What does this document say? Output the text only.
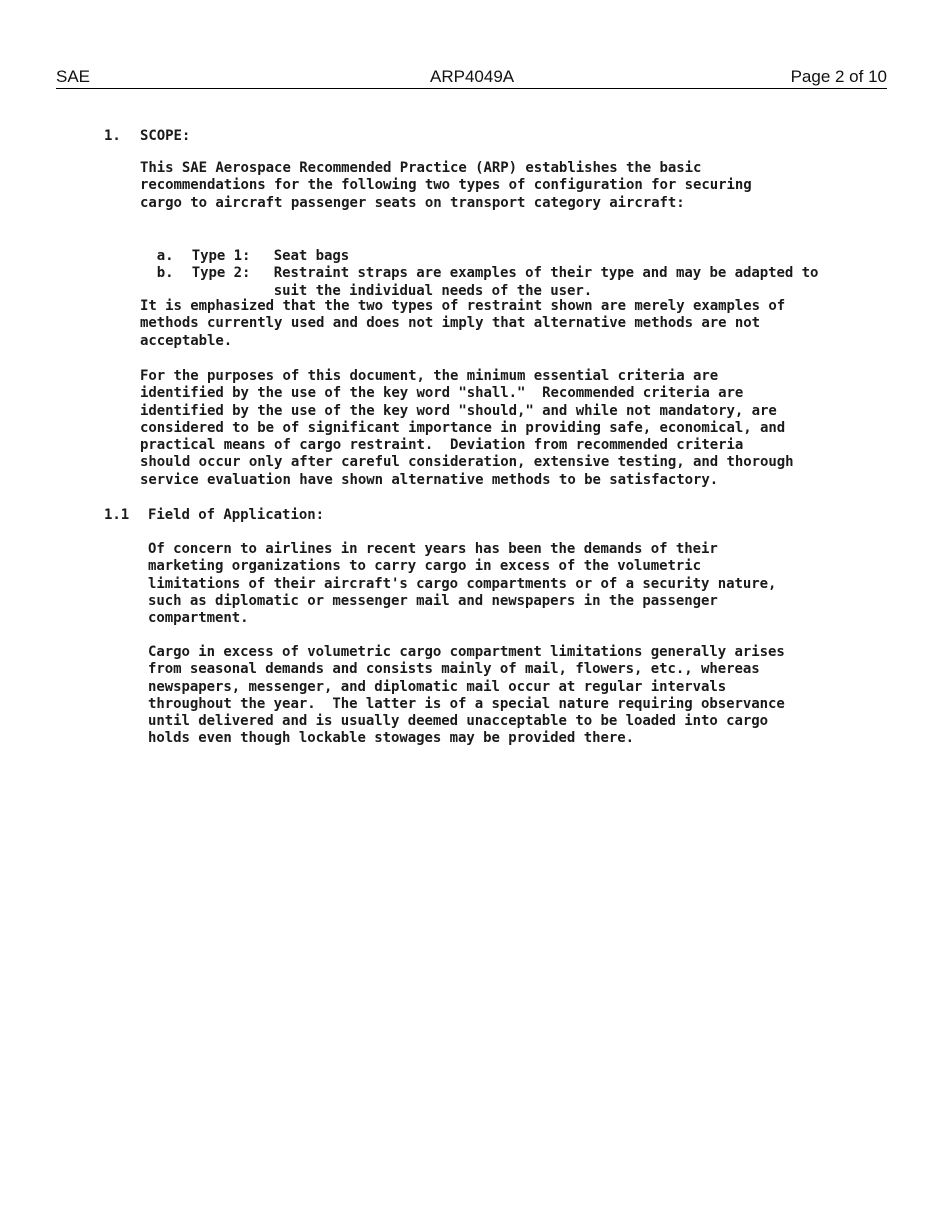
SAE	ARP4049A	Page 2 of 10
1. SCOPE:

This SAE Aerospace Recommended Practice (ARP) establishes the basic
recommendations for the following two types of configuration for securing
cargo to aircraft passenger seats on transport category aircraft:

a. Type 1: Seat bags

b. Type 2: Restraint straps are examples of their type and may be adapted to
suit the individual needs of the user.

It is emphasized that the two types of restraint shown are merely examples of
methods currently used and does not imply that alternative methods are not
acceptable.

For the purposes of this document, the minimum essential criteria are
identified by the use of the key word "shall."  Recommended criteria are
identified by the use of the key word "should," and while not mandatory, are
considered to be of significant importance in providing safe, economical, and
practical means of cargo restraint.  Deviation from recommended criteria
should occur only after careful consideration, extensive testing, and thorough
service evaluation have shown alternative methods to be satisfactory.

1.1 Field of Application:

Of concern to airlines in recent years has been the demands of their
marketing organizations to carry cargo in excess of the volumetric
limitations of their aircraft's cargo compartments or of a security nature,
such as diplomatic or messenger mail and newspapers in the passenger
compartment.

Cargo in excess of volumetric cargo compartment limitations generally arises
from seasonal demands and consists mainly of mail, flowers, etc., whereas
newspapers, messenger, and diplomatic mail occur at regular intervals
throughout the year.  The latter is of a special nature requiring observance
until delivered and is usually deemed unacceptable to be loaded into cargo
holds even though lockable stowages may be provided there.
